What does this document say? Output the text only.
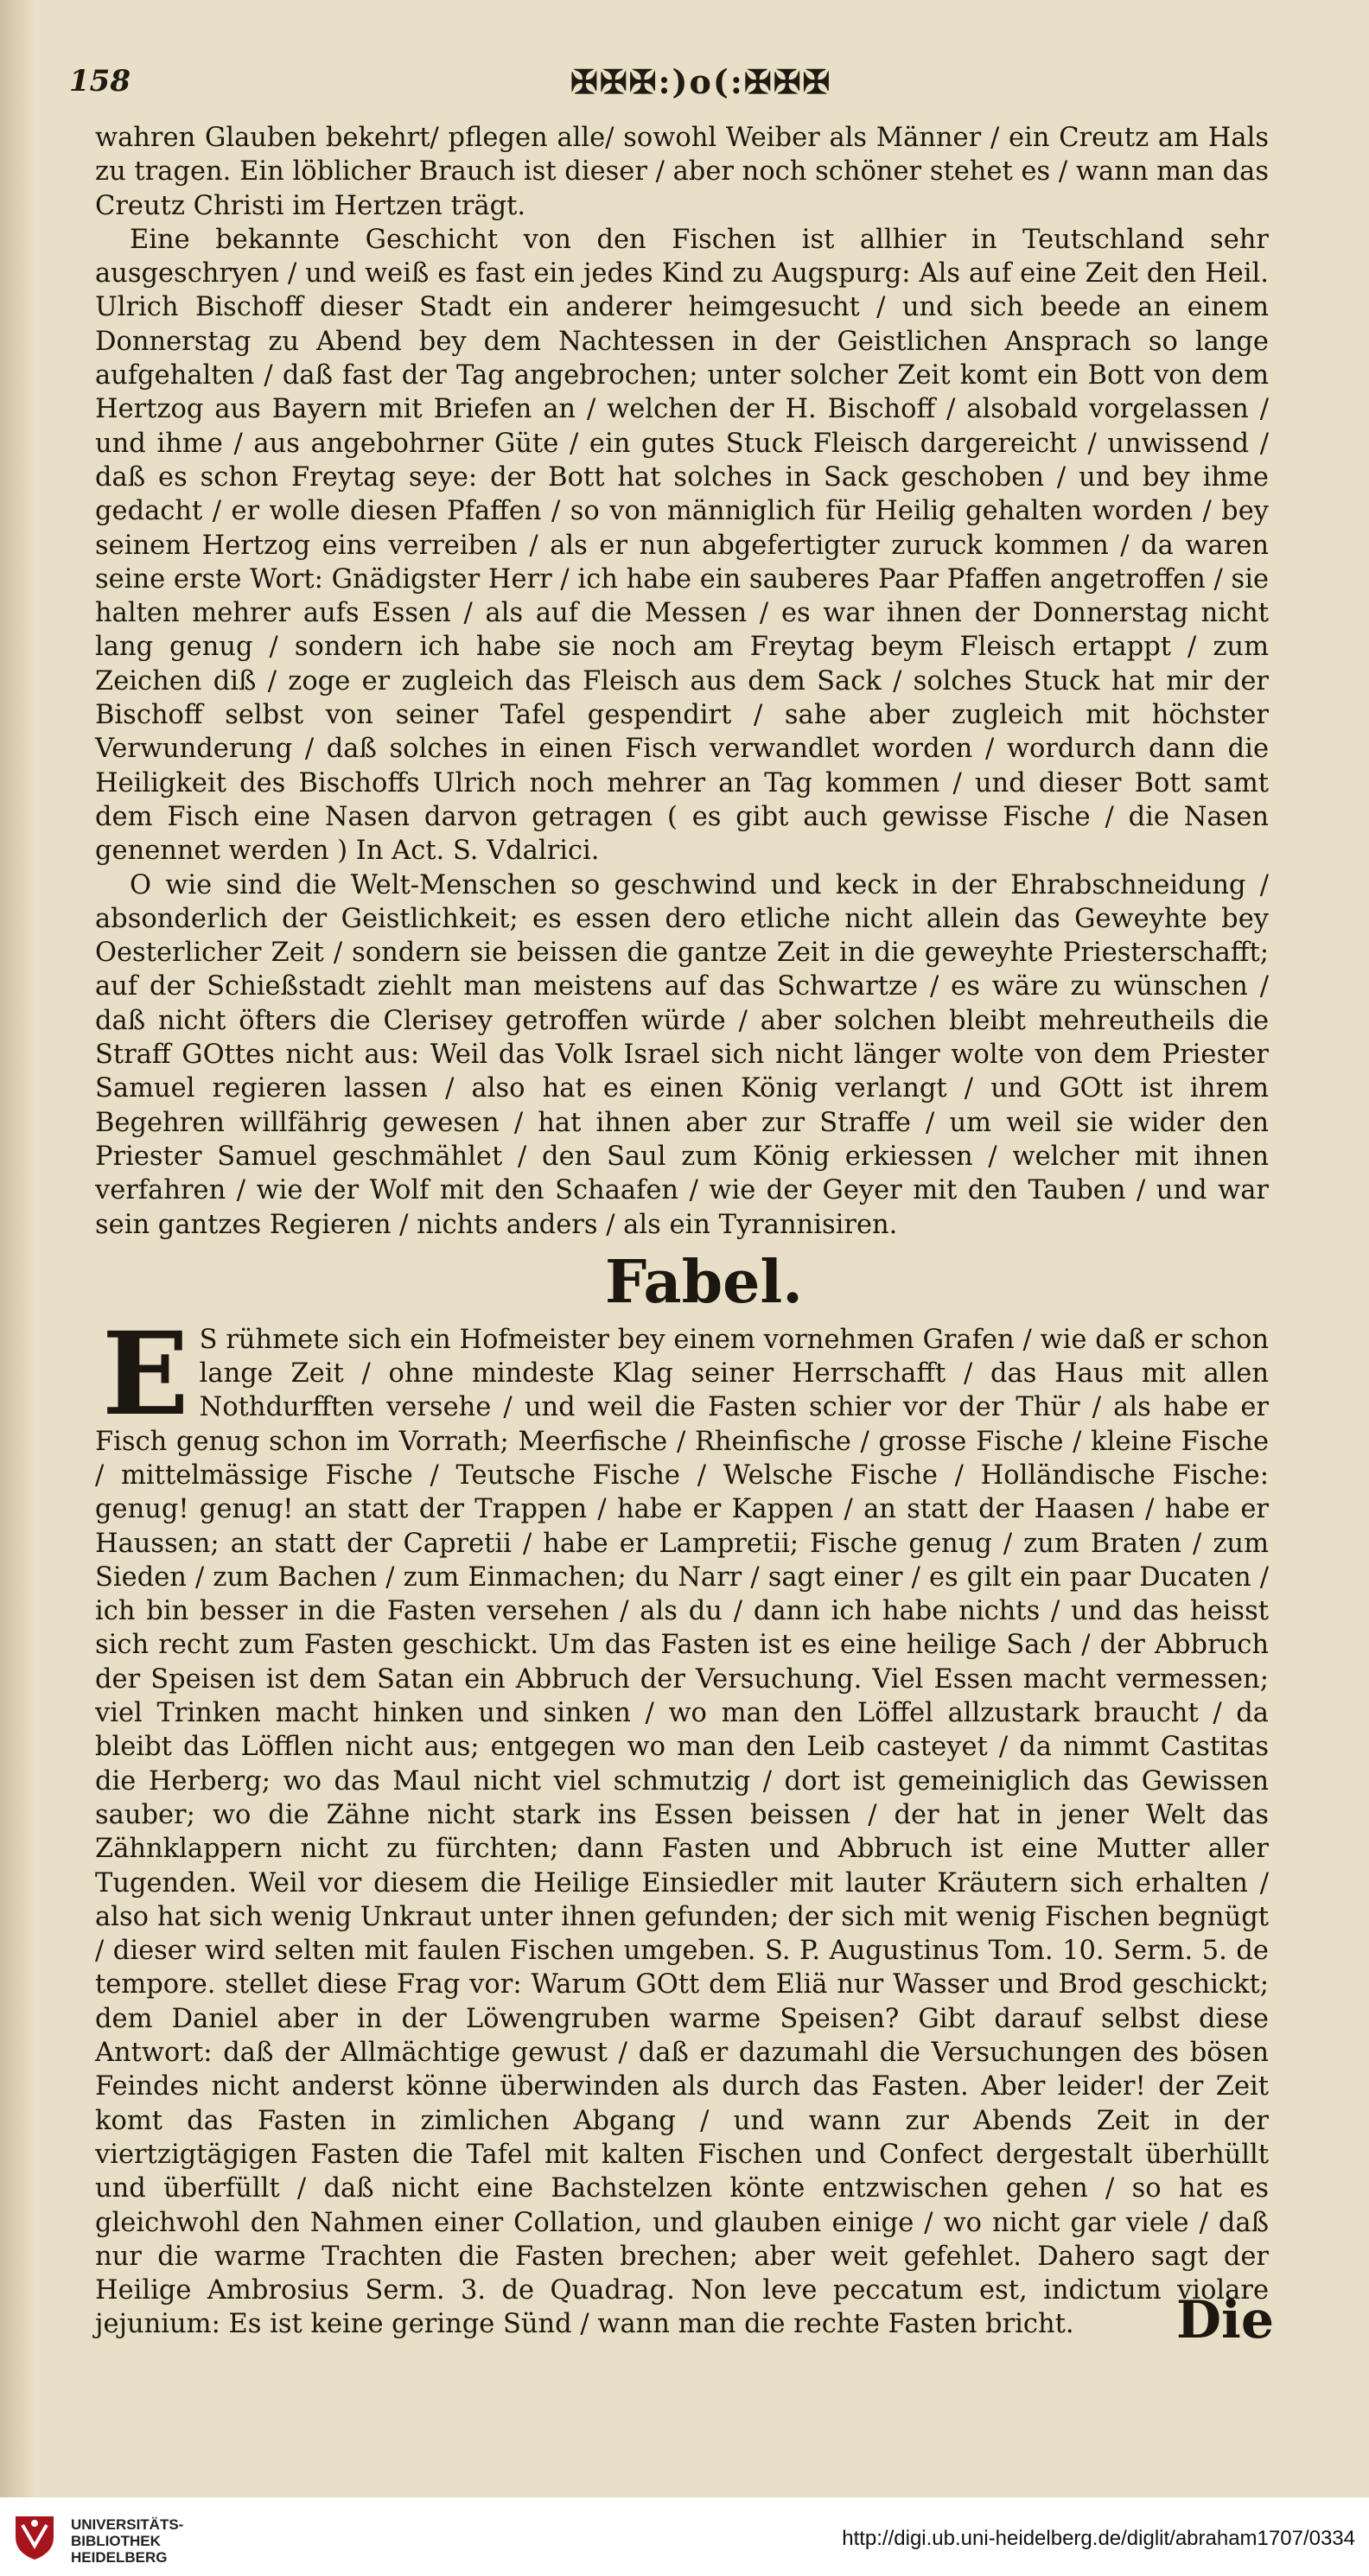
158	✠✠✠:)o(:✠✠✠

wahren Glauben bekehrt/ pflegen alle/ sowohl Weiber als Männer / ein Creutz am Hals zu tragen. Ein löblicher Brauch ist dieser / aber noch schöner stehet es / wann man das Creutz Christi im Hertzen trägt.

Eine bekannte Geschicht von den Fischen ist allhier in Teutschland sehr ausgeschryen / und weiß es fast ein jedes Kind zu Augspurg: Als auf eine Zeit den Heil. Ulrich Bischoff dieser Stadt ein anderer heimgesucht / und sich beede an einem Donnerstag zu Abend bey dem Nachtessen in der Geistlichen Ansprach so lange aufgehalten / daß fast der Tag angebrochen; unter solcher Zeit komt ein Bott von dem Hertzog aus Bayern mit Briefen an / welchen der H. Bischoff / alsobald vorgelassen / und ihme / aus angebohrner Güte / ein gutes Stuck Fleisch dargereicht / unwissend / daß es schon Freytag seye: der Bott hat solches in Sack geschoben / und bey ihme gedacht / er wolle diesen Pfaffen / so von männiglich für Heilig gehalten worden / bey seinem Hertzog eins verreiben / als er nun abgefertigter zuruck kommen / da waren seine erste Wort: Gnädigster Herr / ich habe ein sauberes Paar Pfaffen angetroffen / sie halten mehrer aufs Essen / als auf die Messen / es war ihnen der Donnerstag nicht lang genug / sondern ich habe sie noch am Freytag beym Fleisch ertappt / zum Zeichen diß / zoge er zugleich das Fleisch aus dem Sack / solches Stuck hat mir der Bischoff selbst von seiner Tafel gespendirt / sahe aber zugleich mit höchster Verwunderung / daß solches in einen Fisch verwandlet worden / wordurch dann die Heiligkeit des Bischoffs Ulrich noch mehrer an Tag kommen / und dieser Bott samt dem Fisch eine Nasen darvon getragen ( es gibt auch gewisse Fische / die Nasen genennet werden ) In Act. S. Vdalrici.

O wie sind die Welt-Menschen so geschwind und keck in der Ehrabschneidung / absonderlich der Geistlichkeit; es essen dero etliche nicht allein das Geweyhte bey Oesterlicher Zeit / sondern sie beissen die gantze Zeit in die geweyhte Priesterschafft; auf der Schießstadt ziehlt man meistens auf das Schwartze / es wäre zu wünschen / daß nicht öfters die Clerisey getroffen würde / aber solchen bleibt mehreutheils die Straff GOttes nicht aus: Weil das Volk Israel sich nicht länger wolte von dem Priester Samuel regieren lassen / also hat es einen König verlangt / und GOtt ist ihrem Begehren willfährig gewesen / hat ihnen aber zur Straffe / um weil sie wider den Priester Samuel geschmählet / den Saul zum König erkiessen / welcher mit ihnen verfahren / wie der Wolf mit den Schaafen / wie der Geyer mit den Tauben / und war sein gantzes Regieren / nichts anders / als ein Tyrannisiren.

Fabel.

E S rühmete sich ein Hofmeister bey einem vornehmen Grafen / wie daß er schon lange Zeit / ohne mindeste Klag seiner Herrschafft / das Haus mit allen Nothdurfften versehe / und weil die Fasten schier vor der Thür / als habe er Fisch genug schon im Vorrath; Meerfische / Rheinfische / grosse Fische / kleine Fische / mittelmässige Fische / Teutsche Fische / Welsche Fische / Holländische Fische: genug! genug! an statt der Trappen / habe er Kappen / an statt der Haasen / habe er Haussen; an statt der Capretii / habe er Lampretii; Fische genug / zum Braten / zum Sieden / zum Bachen / zum Einmachen; du Narr / sagt einer / es gilt ein paar Ducaten / ich bin besser in die Fasten versehen / als du / dann ich habe nichts / und das heisst sich recht zum Fasten geschickt. Um das Fasten ist es eine heilige Sach / der Abbruch der Speisen ist dem Satan ein Abbruch der Versuchung. Viel Essen macht vermessen; viel Trinken macht hinken und sinken / wo man den Löffel allzustark braucht / da bleibt das Löfflen nicht aus; entgegen wo man den Leib casteyet / da nimmt Castitas die Herberg; wo das Maul nicht viel schmutzig / dort ist gemeiniglich das Gewissen sauber; wo die Zähne nicht stark ins Essen beissen / der hat in jener Welt das Zähnklappern nicht zu fürchten; dann Fasten und Abbruch ist eine Mutter aller Tugenden. Weil vor diesem die Heilige Einsiedler mit lauter Kräutern sich erhalten / also hat sich wenig Unkraut unter ihnen gefunden; der sich mit wenig Fischen begnügt / dieser wird selten mit faulen Fischen umgeben. S. P. Augustinus Tom. 10. Serm. 5. de tempore. stellet diese Frag vor: Warum GOtt dem Eliä nur Wasser und Brod geschickt; dem Daniel aber in der Löwengruben warme Speisen? Gibt darauf selbst diese Antwort: daß der Allmächtige gewust / daß er dazumahl die Versuchungen des bösen Feindes nicht anderst könne überwinden als durch das Fasten. Aber leider! der Zeit komt das Fasten in zimlichen Abgang / und wann zur Abends Zeit in der viertzigtägigen Fasten die Tafel mit kalten Fischen und Confect dergestalt überhüllt und überfüllt / daß nicht eine Bachstelzen könte entzwischen gehen / so hat es gleichwohl den Nahmen einer Collation, und glauben einige / wo nicht gar viele / daß nur die warme Trachten die Fasten brechen; aber weit gefehlet. Dahero sagt der Heilige Ambrosius Serm. 3. de Quadrag. Non leve peccatum est, indictum violare jejunium: Es ist keine geringe Sünd / wann man die rechte Fasten bricht.	Die
UNIVERSITÄTS-
BIBLIOTHEK
HEIDELBERG
http://digi.ub.uni-heidelberg.de/diglit/abraham1707/0334
